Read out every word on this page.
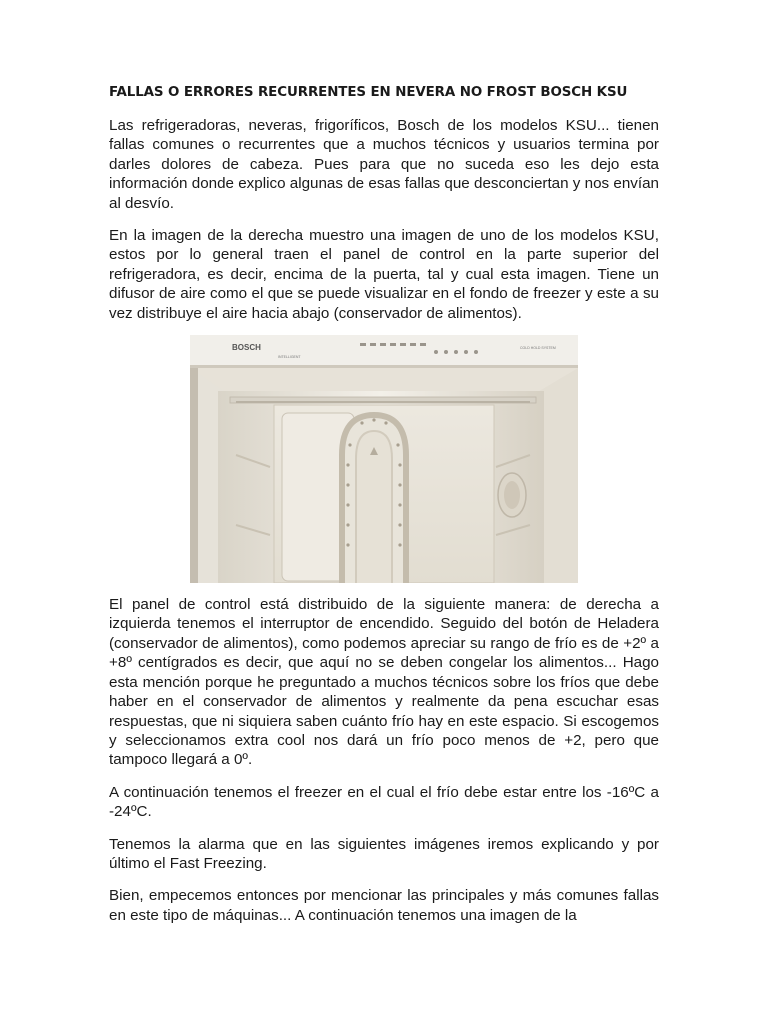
FALLAS O ERRORES RECURRENTES EN NEVERA NO FROST BOSCH KSU

Las refrigeradoras, neveras, frigoríficos, Bosch de los modelos KSU... tienen fallas comunes o recurrentes que a muchos técnicos y usuarios termina por darles dolores de cabeza. Pues para que no suceda eso les dejo esta información donde explico algunas de esas fallas que desconciertan y nos envían al desvío.

En la imagen de la derecha muestro una imagen de uno de los modelos KSU, estos por lo general traen el panel de control en la parte superior del refrigeradora, es decir, encima de la puerta, tal y cual esta imagen. Tiene un difusor de aire como el que se puede visualizar en el fondo de freezer y este a su vez distribuye el aire hacia abajo (conservador de alimentos).

BOSCH
INTELLIGENT
COLD HOLD SYSTEM

El panel de control está distribuido de la siguiente manera: de derecha a izquierda tenemos el interruptor de encendido. Seguido del botón de Heladera (conservador de alimentos), como podemos apreciar su rango de frío es de +2º a +8º centígrados es decir, que aquí no se deben congelar los alimentos... Hago esta mención porque he preguntado a muchos técnicos sobre los fríos que debe haber en el conservador de alimentos y realmente da pena escuchar esas respuestas, que ni siquiera saben cuánto frío hay en este espacio. Si escogemos y seleccionamos extra cool nos dará un frío poco menos de +2, pero que tampoco llegará a 0º.

A continuación tenemos el freezer en el cual el frío debe estar entre los -16ºC a -24ºC.

Tenemos la alarma que en las siguientes imágenes iremos explicando y por último el Fast Freezing.

Bien, empecemos entonces por mencionar las principales y más comunes fallas en este tipo de máquinas... A continuación tenemos una imagen de la
